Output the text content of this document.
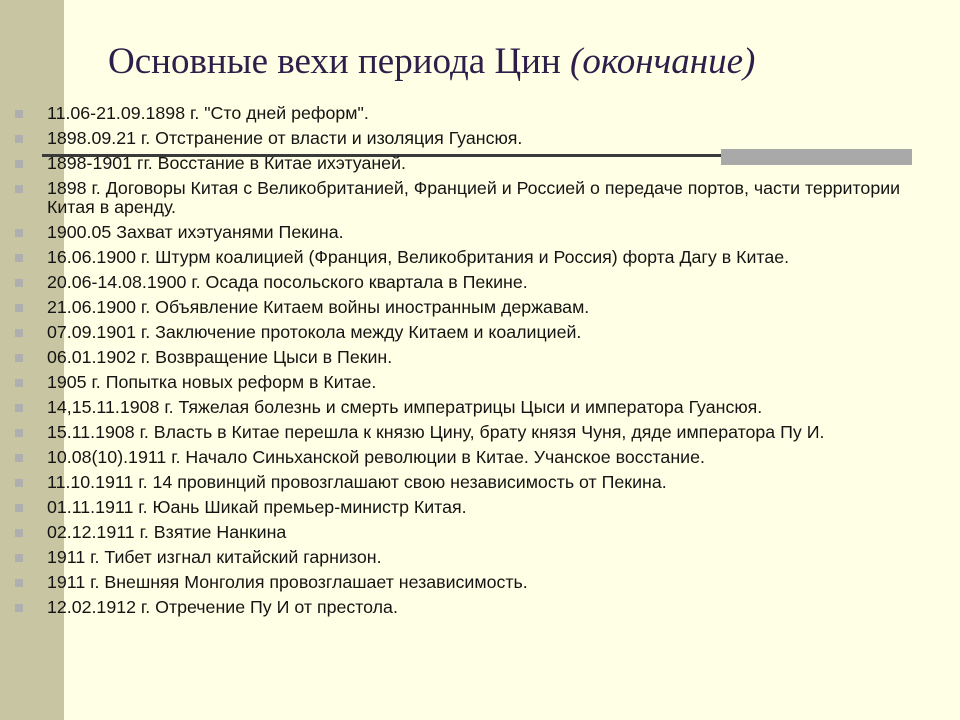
Основные вехи периода Цин (окончание)
11.06-21.09.1898 г. "Сто дней реформ".
1898.09.21 г. Отстранение от власти и изоляция Гуансюя.
1898-1901 гг. Восстание в Китае ихэтуаней.
1898 г. Договоры Китая с Великобританией, Францией и Россией о передаче портов, части территории Китая в аренду.
1900.05 Захват ихэтуанями Пекина.
16.06.1900 г. Штурм коалицией (Франция, Великобритания и Россия) форта Дагу в Китае.
20.06-14.08.1900 г. Осада посольского квартала в Пекине.
21.06.1900 г. Объявление Китаем войны иностранным державам.
07.09.1901 г. Заключение протокола между Китаем и коалицией.
06.01.1902 г. Возвращение Цыси в Пекин.
1905 г. Попытка новых реформ в Китае.
14,15.11.1908 г. Тяжелая болезнь и смерть императрицы Цыси и императора Гуансюя.
15.11.1908 г. Власть в Китае перешла к князю Цину, брату князя Чуня, дяде императора Пу И.
10.08(10).1911 г. Начало Синьханской революции в Китае. Учанское восстание.
11.10.1911 г. 14 провинций провозглашают свою независимость от Пекина.
01.11.1911 г. Юань Шикай премьер-министр Китая.
02.12.1911 г. Взятие Нанкина
1911 г. Тибет изгнал китайский гарнизон.
1911 г. Внешняя Монголия провозглашает независимость.
12.02.1912 г. Отречение Пу И от престола.
